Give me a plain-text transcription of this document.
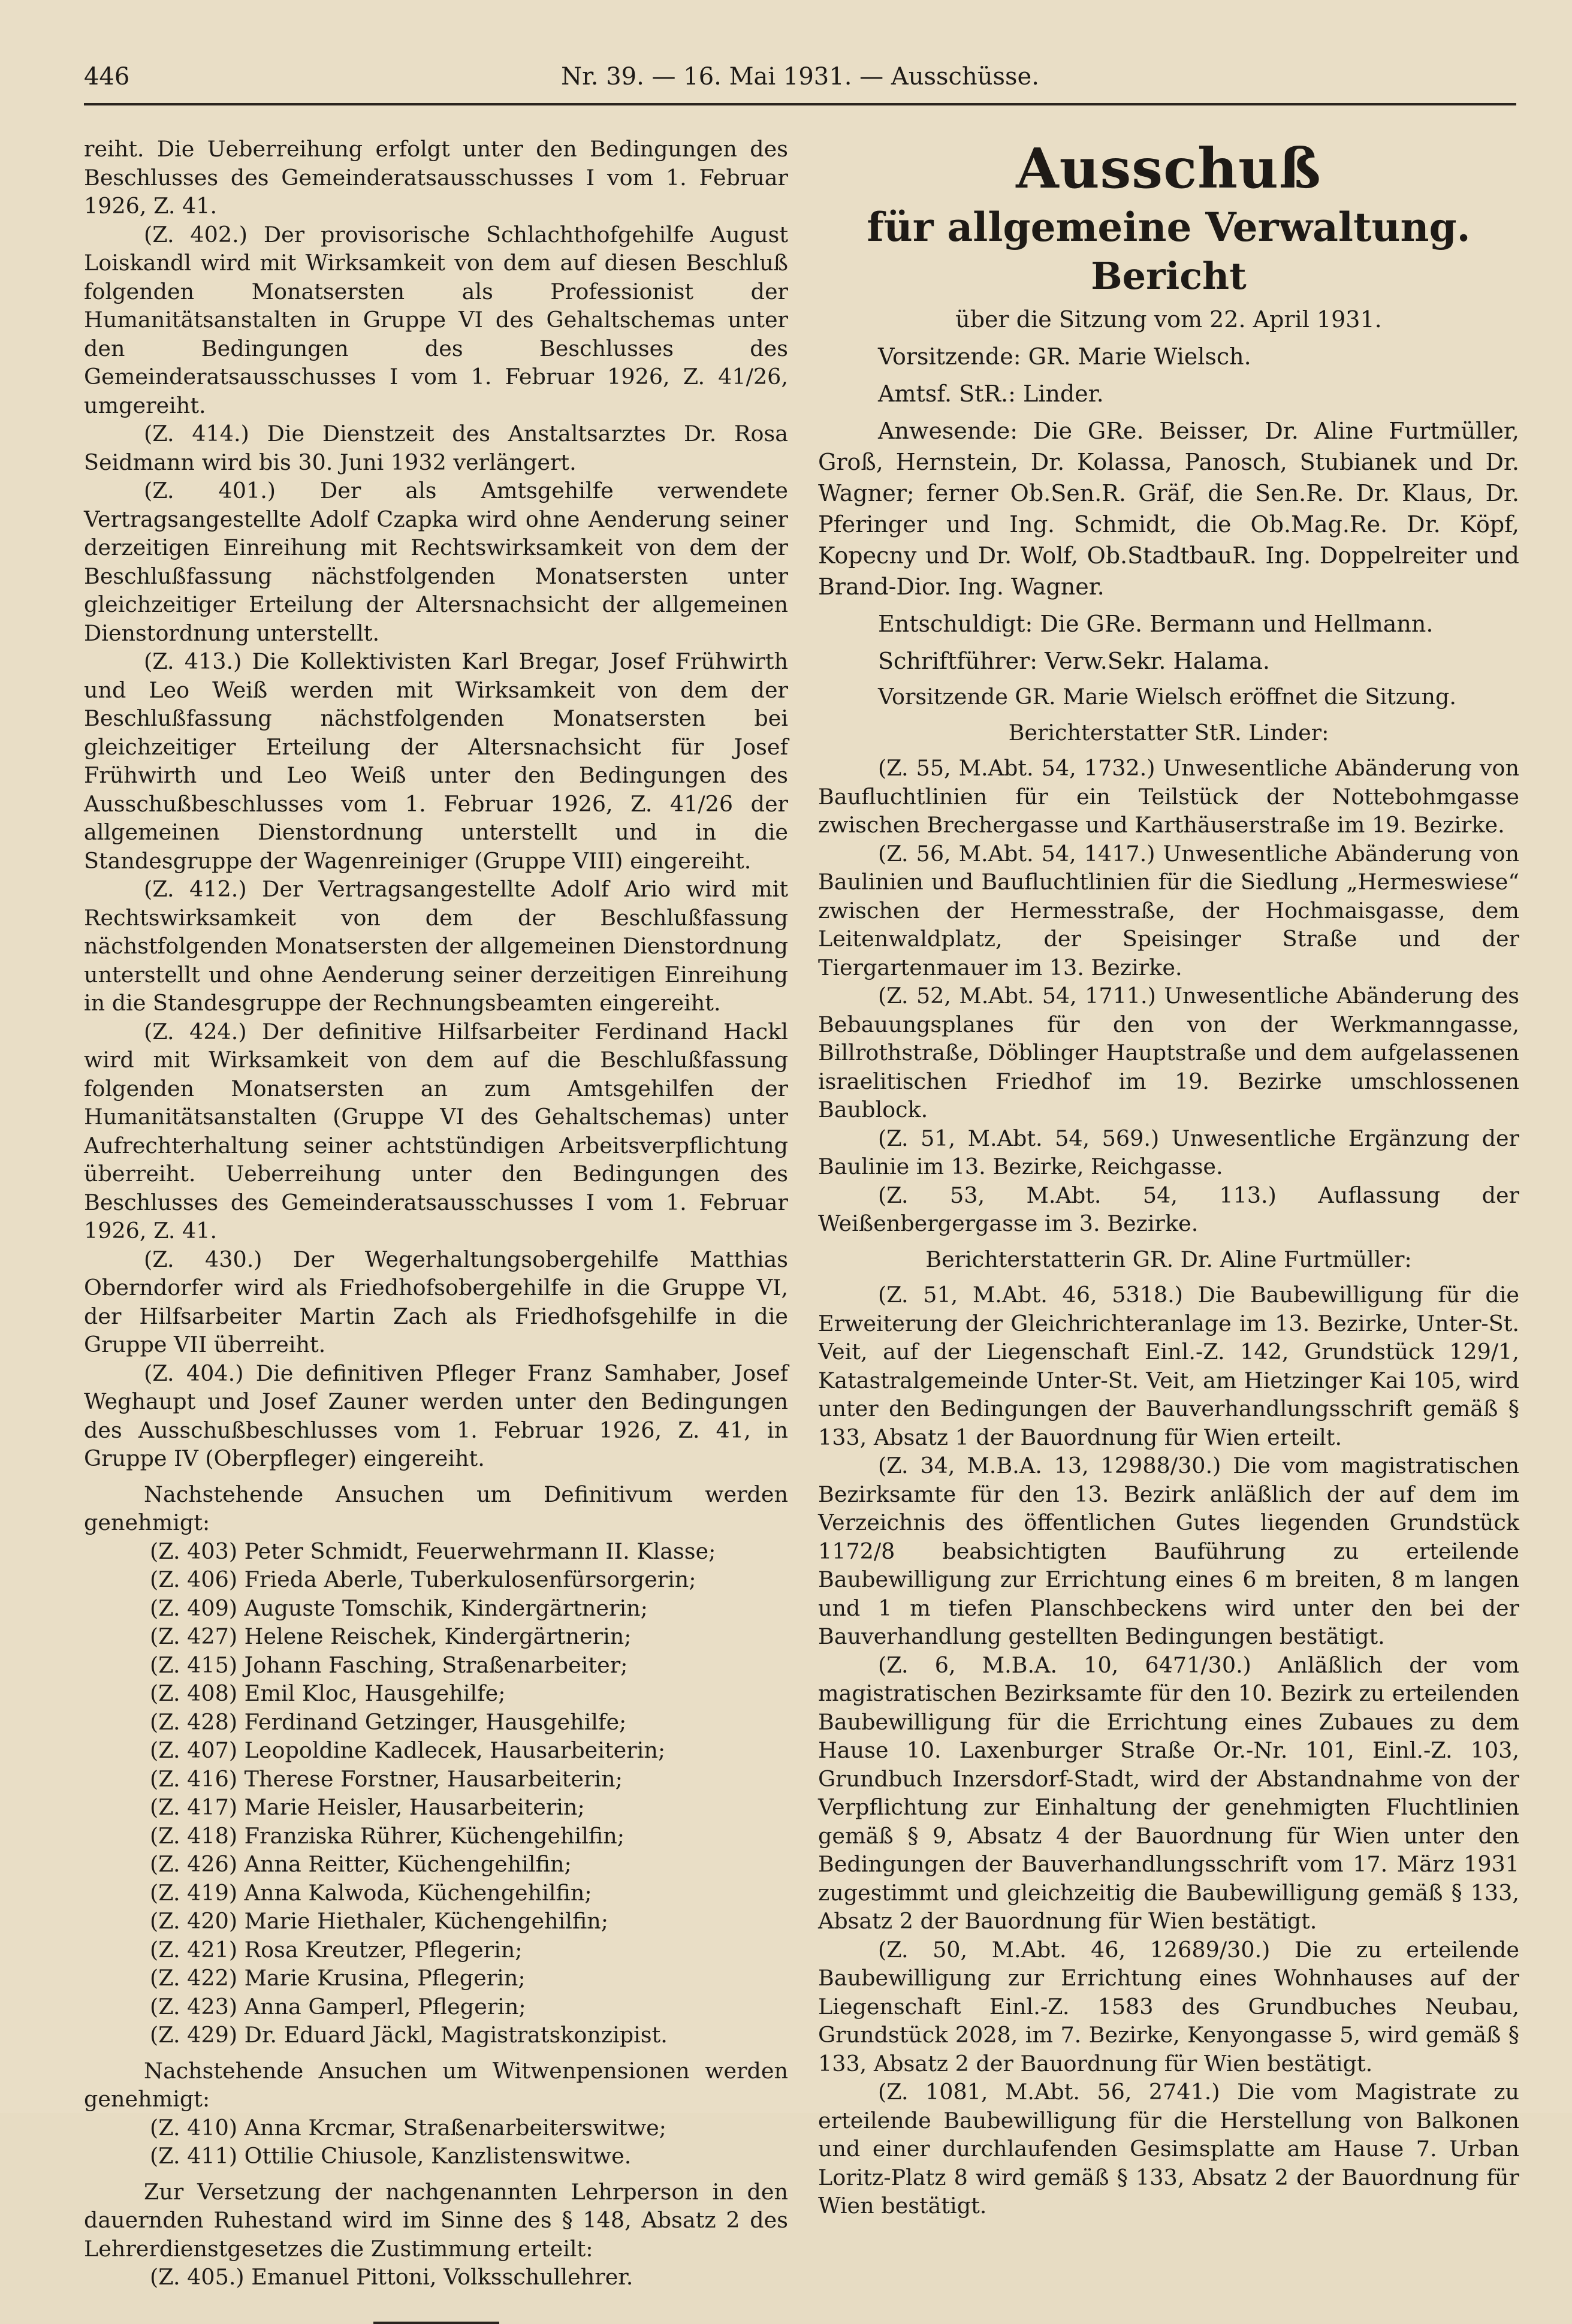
446	Nr. 39. — 16. Mai 1931. — Ausschüsse.

reiht. Die Ueberreihung erfolgt unter den Bedingungen des Beschlusses des Gemeinderatsausschusses I vom 1. Februar 1926, Z. 41.

(Z. 402.) Der provisorische Schlachthofgehilfe August Loiskandl wird mit Wirksamkeit von dem auf diesen Beschluß folgenden Monatsersten als Professionist der Humanitätsanstalten in Gruppe VI des Gehaltschemas unter den Bedingungen des Beschlusses des Gemeinderatsausschusses I vom 1. Februar 1926, Z. 41/26, umgereiht.

(Z. 414.) Die Dienstzeit des Anstaltsarztes Dr. Rosa Seidmann wird bis 30. Juni 1932 verlängert.

(Z. 401.) Der als Amtsgehilfe verwendete Vertragsangestellte Adolf Czapka wird ohne Aenderung seiner derzeitigen Einreihung mit Rechtswirksamkeit von dem der Beschlußfassung nächstfolgenden Monatsersten unter gleichzeitiger Erteilung der Altersnachsicht der allgemeinen Dienstordnung unterstellt.

(Z. 413.) Die Kollektivisten Karl Bregar, Josef Frühwirth und Leo Weiß werden mit Wirksamkeit von dem der Beschlußfassung nächstfolgenden Monatsersten bei gleichzeitiger Erteilung der Altersnachsicht für Josef Frühwirth und Leo Weiß unter den Bedingungen des Ausschußbeschlusses vom 1. Februar 1926, Z. 41/26 der allgemeinen Dienstordnung unterstellt und in die Standesgruppe der Wagenreiniger (Gruppe VIII) eingereiht.

(Z. 412.) Der Vertragsangestellte Adolf Ario wird mit Rechtswirksamkeit von dem der Beschlußfassung nächstfolgenden Monatsersten der allgemeinen Dienstordnung unterstellt und ohne Aenderung seiner derzeitigen Einreihung in die Standesgruppe der Rechnungsbeamten eingereiht.

(Z. 424.) Der definitive Hilfsarbeiter Ferdinand Hackl wird mit Wirksamkeit von dem auf die Beschlußfassung folgenden Monatsersten an zum Amtsgehilfen der Humanitätsanstalten (Gruppe VI des Gehaltschemas) unter Aufrechterhaltung seiner achtstündigen Arbeitsverpflichtung überreiht. Ueberreihung unter den Bedingungen des Beschlusses des Gemeinderatsausschusses I vom 1. Februar 1926, Z. 41.

(Z. 430.) Der Wegerhaltungsobergehilfe Matthias Oberndorfer wird als Friedhofsobergehilfe in die Gruppe VI, der Hilfsarbeiter Martin Zach als Friedhofsgehilfe in die Gruppe VII überreiht.

(Z. 404.) Die definitiven Pfleger Franz Samhaber, Josef Weghaupt und Josef Zauner werden unter den Bedingungen des Ausschußbeschlusses vom 1. Februar 1926, Z. 41, in Gruppe IV (Oberpfleger) eingereiht.

Nachstehende Ansuchen um Definitivum werden genehmigt:

(Z. 403) Peter Schmidt, Feuerwehrmann II. Klasse;

(Z. 406) Frieda Aberle, Tuberkulosenfürsorgerin;

(Z. 409) Auguste Tomschik, Kindergärtnerin;

(Z. 427) Helene Reischek, Kindergärtnerin;

(Z. 415) Johann Fasching, Straßenarbeiter;

(Z. 408) Emil Kloc, Hausgehilfe;

(Z. 428) Ferdinand Getzinger, Hausgehilfe;

(Z. 407) Leopoldine Kadlecek, Hausarbeiterin;

(Z. 416) Therese Forstner, Hausarbeiterin;

(Z. 417) Marie Heisler, Hausarbeiterin;

(Z. 418) Franziska Rührer, Küchengehilfin;

(Z. 426) Anna Reitter, Küchengehilfin;

(Z. 419) Anna Kalwoda, Küchengehilfin;

(Z. 420) Marie Hiethaler, Küchengehilfin;

(Z. 421) Rosa Kreutzer, Pflegerin;

(Z. 422) Marie Krusina, Pflegerin;

(Z. 423) Anna Gamperl, Pflegerin;

(Z. 429) Dr. Eduard Jäckl, Magistratskonzipist.

Nachstehende Ansuchen um Witwenpensionen werden genehmigt:

(Z. 410) Anna Krcmar, Straßenarbeiterswitwe;

(Z. 411) Ottilie Chiusole, Kanzlistenswitwe.

Zur Versetzung der nachgenannten Lehrperson in den dauernden Ruhestand wird im Sinne des § 148, Absatz 2 des Lehrerdienstgesetzes die Zustimmung erteilt:

(Z. 405.) Emanuel Pittoni, Volksschullehrer.

Ausschuß

für allgemeine Verwaltung.

Bericht

über die Sitzung vom 22. April 1931.

Vorsitzende: GR. Marie Wielsch.

Amtsf. StR.: Linder.

Anwesende: Die GRe. Beisser, Dr. Aline Furtmüller, Groß, Hernstein, Dr. Kolassa, Panosch, Stubianek und Dr. Wagner; ferner Ob.Sen.R. Gräf, die Sen.Re. Dr. Klaus, Dr. Pferinger und Ing. Schmidt, die Ob.Mag.Re. Dr. Köpf, Kopecny und Dr. Wolf, Ob.StadtbauR. Ing. Doppelreiter und Brand-Dior. Ing. Wagner.

Entschuldigt: Die GRe. Bermann und Hellmann.

Schriftführer: Verw.Sekr. Halama.

Vorsitzende GR. Marie Wielsch eröffnet die Sitzung.

Berichterstatter StR. Linder:

(Z. 55, M.Abt. 54, 1732.) Unwesentliche Abänderung von Baufluchtlinien für ein Teilstück der Nottebohmgasse zwischen Brechergasse und Karthäuserstraße im 19. Bezirke.

(Z. 56, M.Abt. 54, 1417.) Unwesentliche Abänderung von Baulinien und Baufluchtlinien für die Siedlung „Hermeswiese“ zwischen der Hermesstraße, der Hochmaisgasse, dem Leitenwaldplatz, der Speisinger Straße und der Tiergartenmauer im 13. Bezirke.

(Z. 52, M.Abt. 54, 1711.) Unwesentliche Abänderung des Bebauungsplanes für den von der Werkmanngasse, Billrothstraße, Döblinger Hauptstraße und dem aufgelassenen israelitischen Friedhof im 19. Bezirke umschlossenen Baublock.

(Z. 51, M.Abt. 54, 569.) Unwesentliche Ergänzung der Baulinie im 13. Bezirke, Reichgasse.

(Z. 53, M.Abt. 54, 113.) Auflassung der Weißenbergergasse im 3. Bezirke.

Berichterstatterin GR. Dr. Aline Furtmüller:

(Z. 51, M.Abt. 46, 5318.) Die Baubewilligung für die Erweiterung der Gleichrichteranlage im 13. Bezirke, Unter-St. Veit, auf der Liegenschaft Einl.-Z. 142, Grundstück 129/1, Katastralgemeinde Unter-St. Veit, am Hietzinger Kai 105, wird unter den Bedingungen der Bauverhandlungsschrift gemäß § 133, Absatz 1 der Bauordnung für Wien erteilt.

(Z. 34, M.B.A. 13, 12988/30.) Die vom magistratischen Bezirksamte für den 13. Bezirk anläßlich der auf dem im Verzeichnis des öffentlichen Gutes liegenden Grundstück 1172/8 beabsichtigten Bauführung zu erteilende Baubewilligung zur Errichtung eines 6 m breiten, 8 m langen und 1 m tiefen Planschbeckens wird unter den bei der Bauverhandlung gestellten Bedingungen bestätigt.

(Z. 6, M.B.A. 10, 6471/30.) Anläßlich der vom magistratischen Bezirksamte für den 10. Bezirk zu erteilenden Baubewilligung für die Errichtung eines Zubaues zu dem Hause 10. Laxenburger Straße Or.-Nr. 101, Einl.-Z. 103, Grundbuch Inzersdorf-Stadt, wird der Abstandnahme von der Verpflichtung zur Einhaltung der genehmigten Fluchtlinien gemäß § 9, Absatz 4 der Bauordnung für Wien unter den Bedingungen der Bauverhandlungsschrift vom 17. März 1931 zugestimmt und gleichzeitig die Baubewilligung gemäß § 133, Absatz 2 der Bauordnung für Wien bestätigt.

(Z. 50, M.Abt. 46, 12689/30.) Die zu erteilende Baubewilligung zur Errichtung eines Wohnhauses auf der Liegenschaft Einl.-Z. 1583 des Grundbuches Neubau, Grundstück 2028, im 7. Bezirke, Kenyongasse 5, wird gemäß § 133, Absatz 2 der Bauordnung für Wien bestätigt.

(Z. 1081, M.Abt. 56, 2741.) Die vom Magistrate zu erteilende Baubewilligung für die Herstellung von Balkonen und einer durchlaufenden Gesimsplatte am Hause 7. Urban Loritz-Platz 8 wird gemäß § 133, Absatz 2 der Bauordnung für Wien bestätigt.
